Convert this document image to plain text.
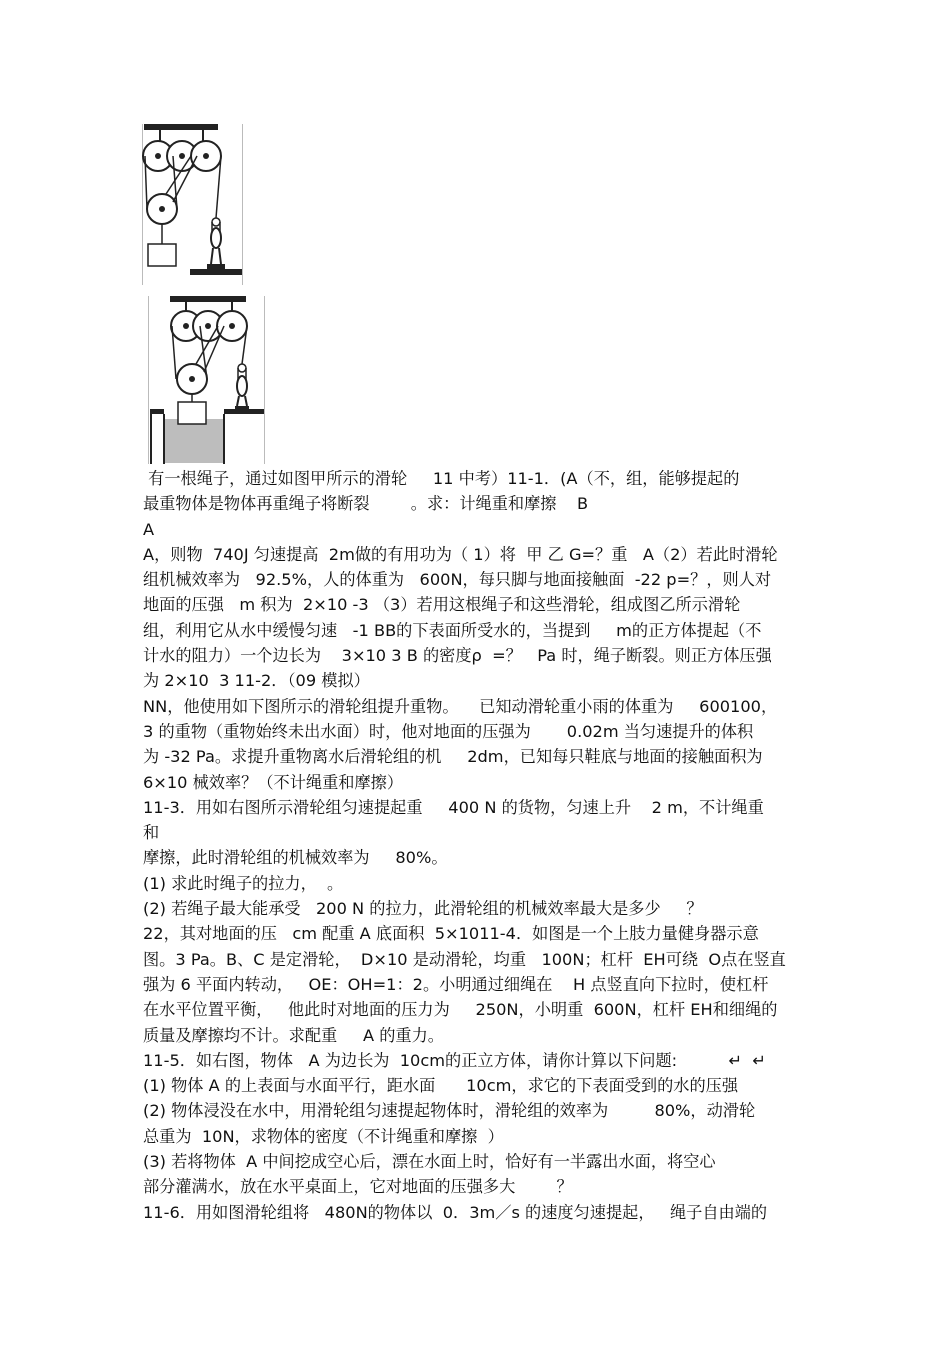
有一根绳子，通过如图甲所示的滑轮     11 中考）11-1．(A（不，组，能够提起的

最重物体是物体再重绳子将断裂        。求：计绳重和摩擦    B

A

A，则物  740J 匀速提高  2m做的有用功为（ 1）将  甲 乙 G=？重   A（2）若此时滑轮

组机械效率为   92.5%，人的体重为   600N，每只脚与地面接触面  -22 p=？，则人对

地面的压强   m 积为  2×10 -3 （3）若用这根绳子和这些滑轮，组成图乙所示滑轮

组，利用它从水中缓慢匀速   -1 BB的下表面所受水的，当提到     m的正方体提起（不

计水的阻力）一个边长为    3×10 3 B 的密度ρ  =？   Pa 时，绳子断裂。则正方体压强

为 2×10  3 11-2．（09 模拟）

NN，他使用如下图所示的滑轮组提升重物。    已知动滑轮重小雨的体重为     600100，

3 的重物（重物始终未出水面）时，他对地面的压强为       0.02m 当匀速提升的体积

为 -32 Pa。求提升重物离水后滑轮组的机     2dm，已知每只鞋底与地面的接触面积为

6×10 械效率？（不计绳重和摩擦）

11-3．用如右图所示滑轮组匀速提起重     400 N 的货物，匀速上升    2 m，不计绳重

和

摩擦，此时滑轮组的机械效率为     80%。

(1) 求此时绳子的拉力，  。

(2) 若绳子最大能承受   200 N 的拉力，此滑轮组的机械效率最大是多少     ？

22，其对地面的压   cm 配重 A 底面积  5×1011-4．如图是一个上肢力量健身器示意

图。3 Pa。B、C 是定滑轮，  D×10 是动滑轮，均重   100N；杠杆  EH可绕  O点在竖直

强为 6 平面内转动，   OE：OH=1：2。小明通过细绳在    H 点竖直向下拉时，使杠杆

在水平位置平衡，   他此时对地面的压力为     250N，小明重  600N，杠杆 EH和细绳的

质量及摩擦均不计。求配重     A 的重力。

11-5．如右图，物体   A 为边长为  10cm的正立方体，请你计算以下问题:          ↵  ↵

(1) 物体 A 的上表面与水面平行，距水面      10cm，求它的下表面受到的水的压强

(2) 物体浸没在水中，用滑轮组匀速提起物体时，滑轮组的效率为         80%，动滑轮

总重为  10N，求物体的密度（不计绳重和摩擦  ）

(3) 若将物体  A 中间挖成空心后，漂在水面上时，恰好有一半露出水面，将空心

部分灌满水，放在水平桌面上，它对地面的压强多大        ？

11-6．用如图滑轮组将   480N的物体以  0．3m／s 的速度匀速提起，   绳子自由端的
